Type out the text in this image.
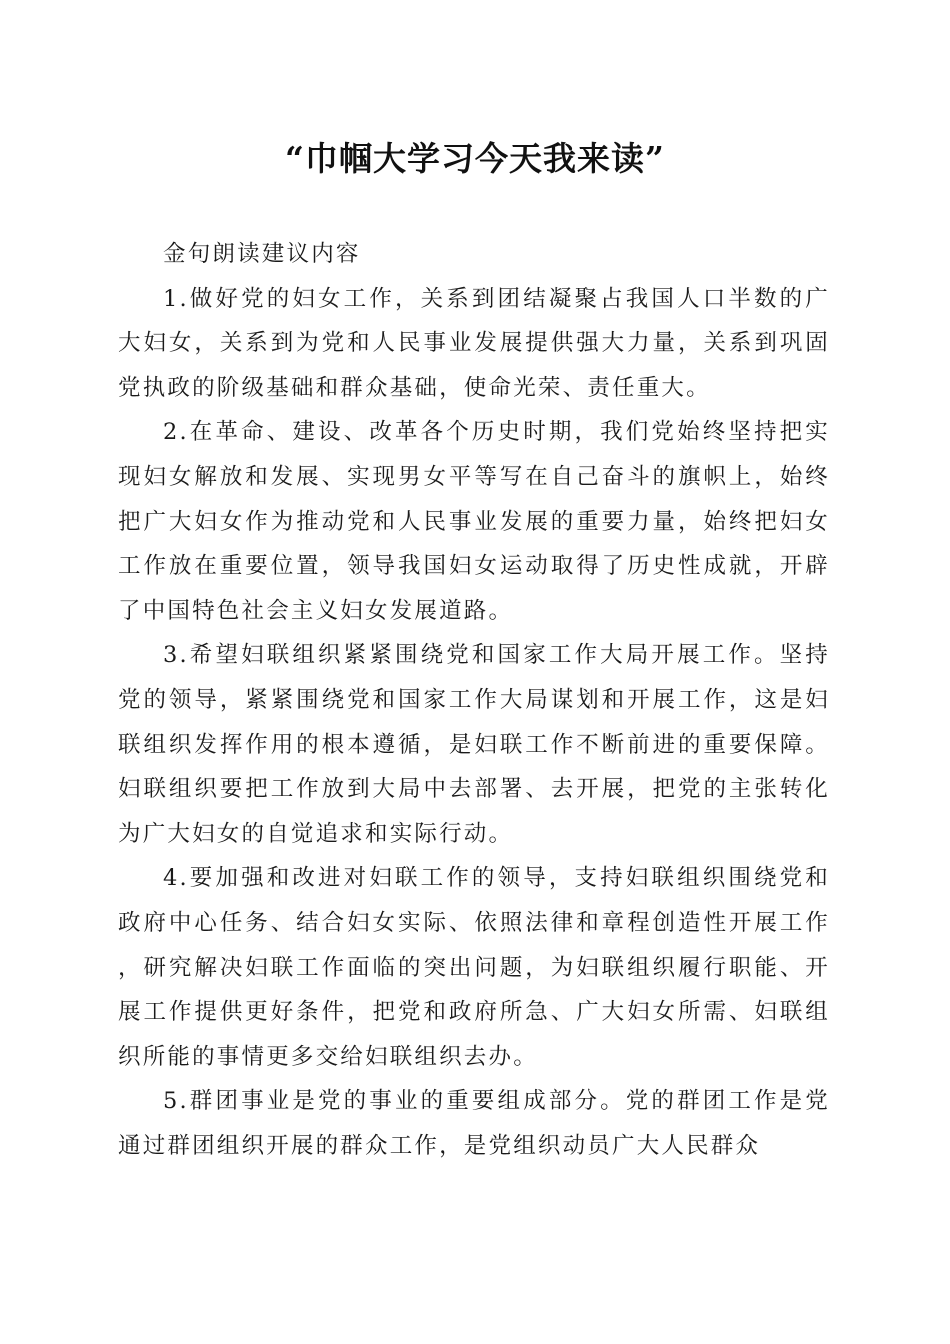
“巾帼大学习今天我来读”

金句朗读建议内容

1.做好党的妇女工作，关系到团结凝聚占我国人口半数的广大妇女，关系到为党和人民事业发展提供强大力量，关系到巩固党执政的阶级基础和群众基础，使命光荣、责任重大。

2.在革命、建设、改革各个历史时期，我们党始终坚持把实现妇女解放和发展、实现男女平等写在自己奋斗的旗帜上，始终把广大妇女作为推动党和人民事业发展的重要力量，始终把妇女工作放在重要位置，领导我国妇女运动取得了历史性成就，开辟了中国特色社会主义妇女发展道路。

3.希望妇联组织紧紧围绕党和国家工作大局开展工作。坚持党的领导，紧紧围绕党和国家工作大局谋划和开展工作，这是妇联组织发挥作用的根本遵循，是妇联工作不断前进的重要保障。妇联组织要把工作放到大局中去部署、去开展，把党的主张转化为广大妇女的自觉追求和实际行动。

4.要加强和改进对妇联工作的领导，支持妇联组织围绕党和政府中心任务、结合妇女实际、依照法律和章程创造性开展工作，研究解决妇联工作面临的突出问题，为妇联组织履行职能、开展工作提供更好条件，把党和政府所急、广大妇女所需、妇联组织所能的事情更多交给妇联组织去办。

5.群团事业是党的事业的重要组成部分。党的群团工作是党通过群团组织开展的群众工作，是党组织动员广大人民群众
